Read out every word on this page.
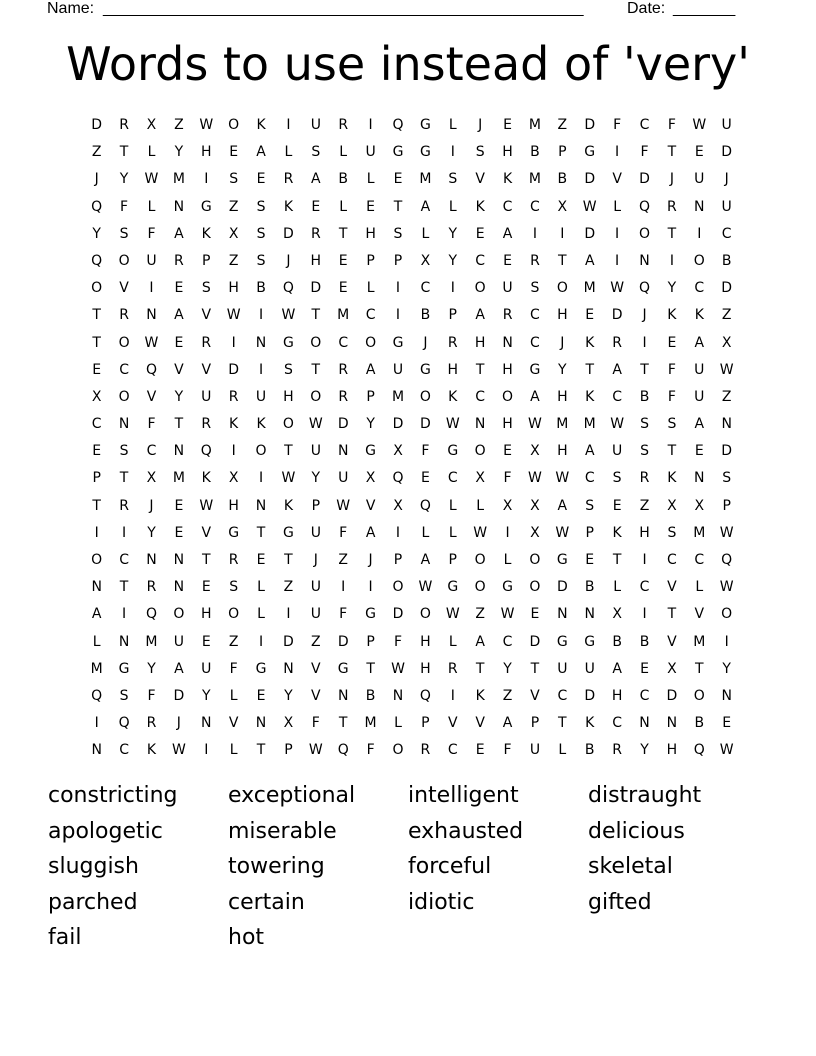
Name: ______________________________________________________	Date: _______
Words to use instead of 'very'
D	R	X	Z	W	O	K	I	U	R	I	Q	G	L	J	E	M	Z	D	F	C	F	W	U
Z	T	L	Y	H	E	A	L	S	L	U	G	G	I	S	H	B	P	G	I	F	T	E	D
J	Y	W	M	I	S	E	R	A	B	L	E	M	S	V	K	M	B	D	V	D	J	U	J
Q	F	L	N	G	Z	S	K	E	L	E	T	A	L	K	C	C	X	W	L	Q	R	N	U
Y	S	F	A	K	X	S	D	R	T	H	S	L	Y	E	A	I	I	D	I	O	T	I	C
Q	O	U	R	P	Z	S	J	H	E	P	P	X	Y	C	E	R	T	A	I	N	I	O	B
O	V	I	E	S	H	B	Q	D	E	L	I	C	I	O	U	S	O	M	W	Q	Y	C	D
T	R	N	A	V	W	I	W	T	M	C	I	B	P	A	R	C	H	E	D	J	K	K	Z
T	O	W	E	R	I	N	G	O	C	O	G	J	R	H	N	C	J	K	R	I	E	A	X
E	C	Q	V	V	D	I	S	T	R	A	U	G	H	T	H	G	Y	T	A	T	F	U	W
X	O	V	Y	U	R	U	H	O	R	P	M	O	K	C	O	A	H	K	C	B	F	U	Z
C	N	F	T	R	K	K	O	W	D	Y	D	D	W	N	H	W	M	M	W	S	S	A	N
E	S	C	N	Q	I	O	T	U	N	G	X	F	G	O	E	X	H	A	U	S	T	E	D
P	T	X	M	K	X	I	W	Y	U	X	Q	E	C	X	F	W W	C	S	R	K	N	S
T	R	J	E	W	H	N	K	P	W	V	X	Q	L	L	X	X	A	S	E	Z	X	X	P
I	I	Y	E	V	G	T	G	U	F	A	I	L	L	W	I	X	W	P	K	H	S	M	W
O	C	N	N	T	R	E	T	J	Z	J	P	A	P	O	L	O	G	E	T	I	C	C	Q
N	T	R	N	E	S	L	Z	U	I	I	O	W	G	O	G	O	D	B	L	C	V	L	W
A	I	Q	O	H	O	L	I	U	F	G	D	O	W	Z	W	E	N	N	X	I	T	V	O
L	N	M	U	E	Z	I	D	Z	D	P	F	H	L	A	C	D	G	G	B	B	V	M	I
M	G	Y	A	U	F	G	N	V	G	T	W	H	R	T	Y	T	U	U	A	E	X	T	Y
Q	S	F	D	Y	L	E	Y	V	N	B	N	Q	I	K	Z	V	C	D	H	C	D	O	N
I	Q	R	J	N	V	N	X	F	T	M	L	P	V	V	A	P	T	K	C	N	N	B	E
N	C	K	W	I	L	T	P	W	Q	F	O	R	C	E	F	U	L	B	R	Y	H	Q	W
constricting	exceptional	intelligent	distraught
apologetic	miserable	exhausted	delicious
sluggish	towering	forceful	skeletal
parched	certain	idiotic	gifted
fail	hot
